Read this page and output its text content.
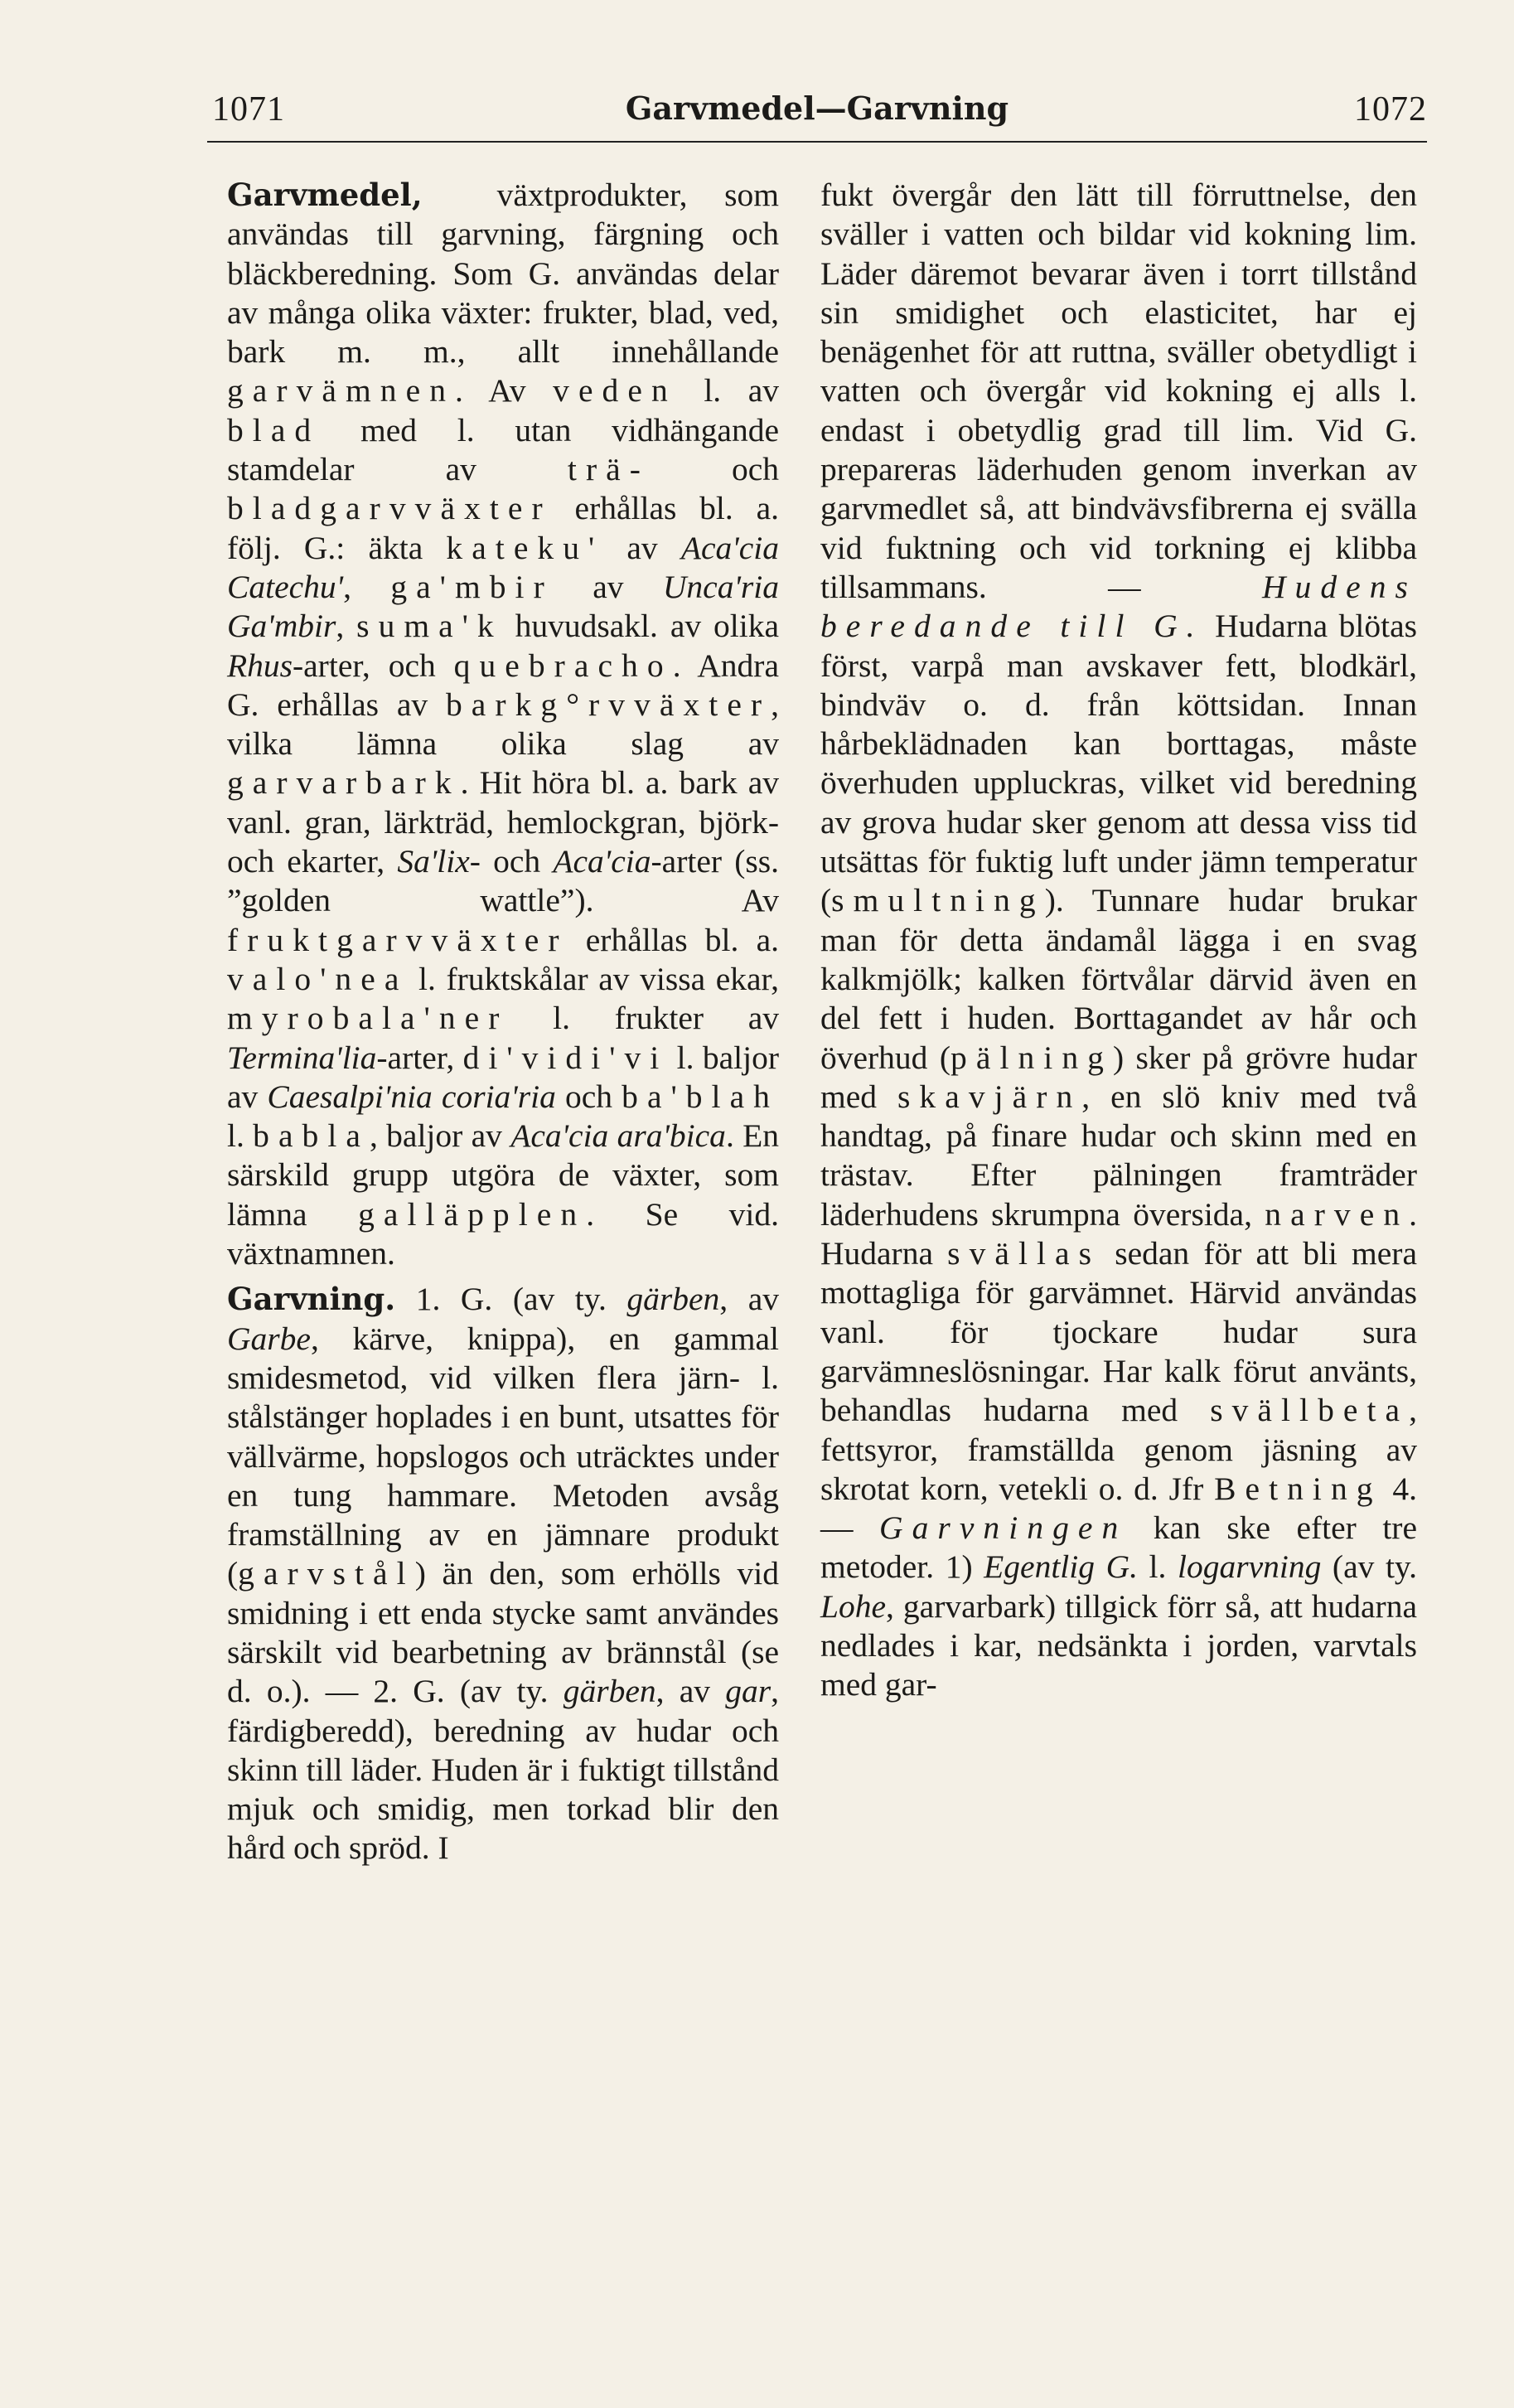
1071	Garvmedel—Garvning	1072

Garvmedel, växtprodukter, som användas till garvning, färgning och bläckberedning. Som G. användas delar av många olika växter: frukter, blad, ved, bark m. m., allt innehållande garvämnen. Av veden l. av blad med l. utan vidhängande stamdelar av trä- och bladgarvväxter erhållas bl. a. följ. G.: äkta kateku' av Aca'cia Catechu', ga'mbir av Unca'ria Ga'mbir, suma'k huvudsakl. av olika Rhus-arter, och quebracho. Andra G. erhållas av barkg°rvväxter, vilka lämna olika slag av garvarbark. Hit höra bl. a. bark av vanl. gran, lärkträd, hemlockgran, björk- och ekarter, Sa'lix- och Aca'cia-arter (ss. ”golden wattle”). Av fruktgarvväxter erhållas bl. a. valo'nea l. fruktskålar av vissa ekar, myrobala'ner l. frukter av Termina'lia-arter, di'vidi'vi l. baljor av Caesalpi'nia coria'ria och ba'blah l. babla, baljor av Aca'cia ara'bica. En särskild grupp utgöra de växter, som lämna galläpplen. Se vid. växtnamnen.

Garvning. 1. G. (av ty. gärben, av Garbe, kärve, knippa), en gammal smidesmetod, vid vilken flera järn- l. stålstänger hoplades i en bunt, utsattes för vällvärme, hopslogos och uträcktes under en tung hammare. Metoden avsåg framställning av en jämnare produkt (garvstål) än den, som erhölls vid smidning i ett enda stycke samt användes särskilt vid bearbetning av brännstål (se d. o.). — 2. G. (av ty. gärben, av gar, färdigberedd), beredning av hudar och skinn till läder. Huden är i fuktigt tillstånd mjuk och smidig, men torkad blir den hård och spröd. I

fukt övergår den lätt till förruttnelse, den sväller i vatten och bildar vid kokning lim. Läder däremot bevarar även i torrt tillstånd sin smidighet och elasticitet, har ej benägenhet för att ruttna, sväller obetydligt i vatten och övergår vid kokning ej alls l. endast i obetydlig grad till lim. Vid G. prepareras läderhuden genom inverkan av garvmedlet så, att bindvävsfibrerna ej svälla vid fuktning och vid torkning ej klibba tillsammans. — Hudens beredande till G. Hudarna blötas först, varpå man avskaver fett, blodkärl, bindväv o. d. från köttsidan. Innan hårbeklädnaden kan borttagas, måste överhuden uppluckras, vilket vid beredning av grova hudar sker genom att dessa viss tid utsättas för fuktig luft under jämn temperatur (smultning). Tunnare hudar brukar man för detta ändamål lägga i en svag kalkmjölk; kalken förtvålar därvid även en del fett i huden. Borttagandet av hår och överhud (pälning) sker på grövre hudar med skavjärn, en slö kniv med två handtag, på finare hudar och skinn med en trästav. Efter pälningen framträder läderhudens skrumpna översida, narven. Hudarna svällas sedan för att bli mera mottagliga för garvämnet. Härvid användas vanl. för tjockare hudar sura garvämneslösningar. Har kalk förut använts, behandlas hudarna med svällbeta, fettsyror, framställda genom jäsning av skrotat korn, vetekli o. d. Jfr Betning 4. — Garvningen kan ske efter tre metoder. 1) Egentlig G. l. logarvning (av ty. Lohe, garvarbark) tillgick förr så, att hudarna nedlades i kar, nedsänkta i jorden, varvtals med gar-
